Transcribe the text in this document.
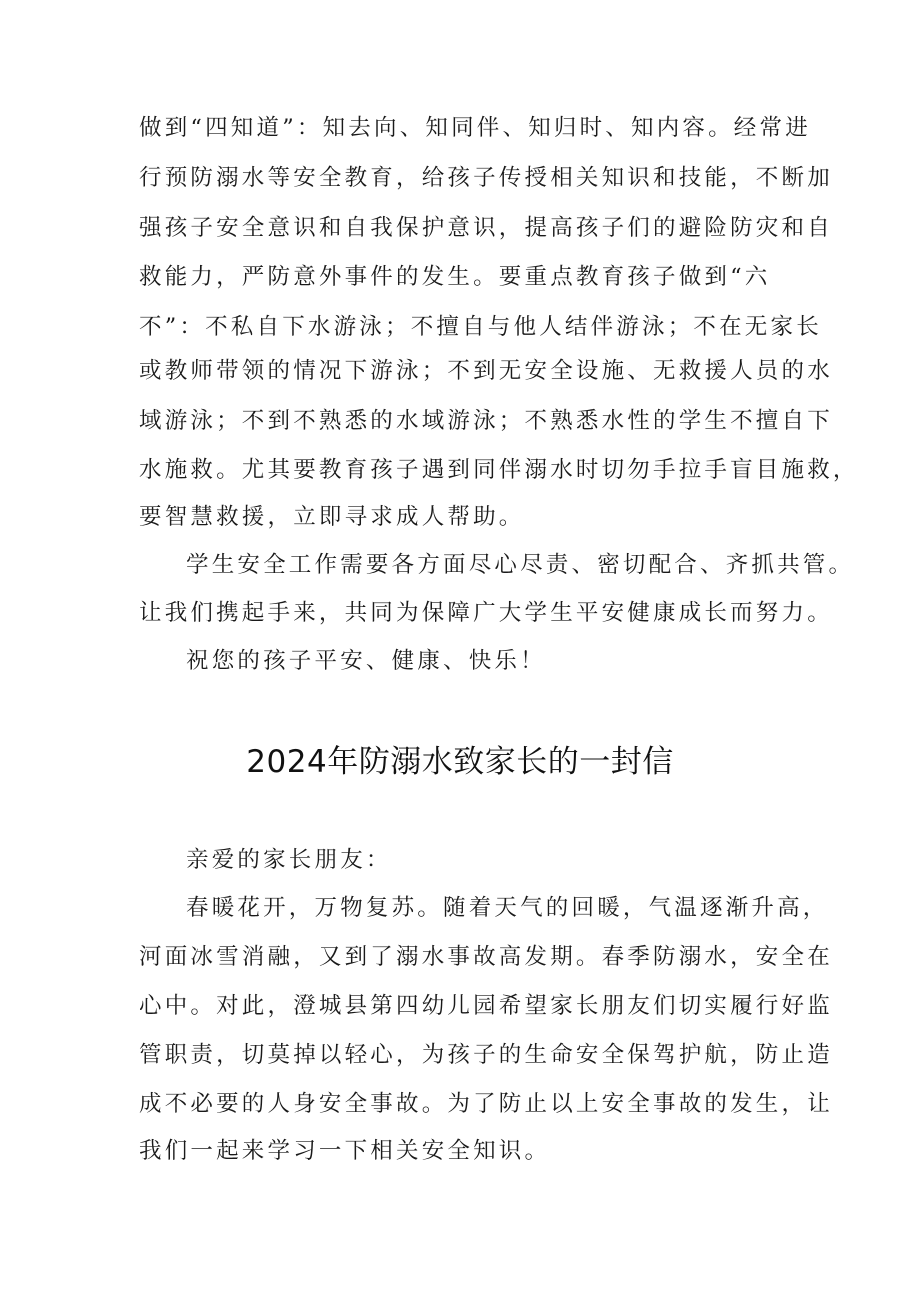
做到“四知道”：知去向、知同伴、知归时、知内容。经常进
行预防溺水等安全教育，给孩子传授相关知识和技能，不断加
强孩子安全意识和自我保护意识，提高孩子们的避险防灾和自
救能力，严防意外事件的发生。要重点教育孩子做到“六
不”：不私自下水游泳；不擅自与他人结伴游泳；不在无家长
或教师带领的情况下游泳；不到无安全设施、无救援人员的水
域游泳；不到不熟悉的水域游泳；不熟悉水性的学生不擅自下
水施救。尤其要教育孩子遇到同伴溺水时切勿手拉手盲目施救，
要智慧救援，立即寻求成人帮助。
学生安全工作需要各方面尽心尽责、密切配合、齐抓共管。
让我们携起手来，共同为保障广大学生平安健康成长而努力。
祝您的孩子平安、健康、快乐！
2024年防溺水致家长的一封信
亲爱的家长朋友：
春暖花开，万物复苏。随着天气的回暖，气温逐渐升高，
河面冰雪消融，又到了溺水事故高发期。春季防溺水，安全在
心中。对此，澄城县第四幼儿园希望家长朋友们切实履行好监
管职责，切莫掉以轻心，为孩子的生命安全保驾护航，防止造
成不必要的人身安全事故。为了防止以上安全事故的发生，让
我们一起来学习一下相关安全知识。
